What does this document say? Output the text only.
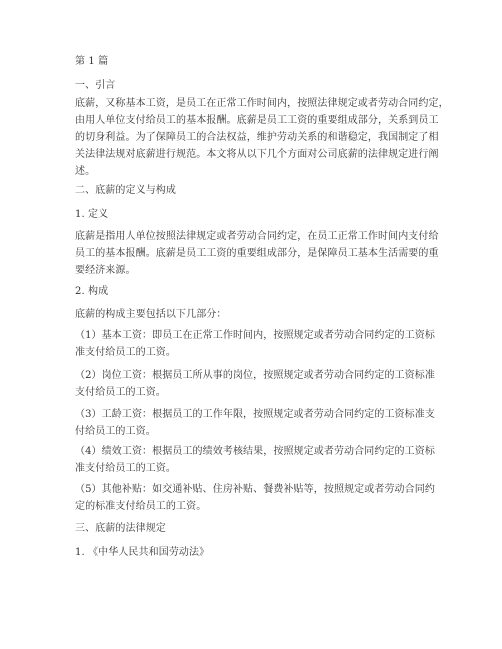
第 1 篇
一、引言
底薪，又称基本工资，是员工在正常工作时间内，按照法律规定或者劳动合同约定，
由用人单位支付给员工的基本报酬。底薪是员工工资的重要组成部分，关系到员工
的切身利益。为了保障员工的合法权益，维护劳动关系的和谐稳定，我国制定了相
关法律法规对底薪进行规范。本文将从以下几个方面对公司底薪的法律规定进行阐
述。
二、底薪的定义与构成
1. 定义
底薪是指用人单位按照法律规定或者劳动合同约定，在员工正常工作时间内支付给
员工的基本报酬。底薪是员工工资的重要组成部分，是保障员工基本生活需要的重
要经济来源。
2. 构成
底薪的构成主要包括以下几部分：
（1）基本工资：即员工在正常工作时间内，按照规定或者劳动合同约定的工资标
准支付给员工的工资。
（2）岗位工资：根据员工所从事的岗位，按照规定或者劳动合同约定的工资标准
支付给员工的工资。
（3）工龄工资：根据员工的工作年限，按照规定或者劳动合同约定的工资标准支
付给员工的工资。
（4）绩效工资：根据员工的绩效考核结果，按照规定或者劳动合同约定的工资标
准支付给员工的工资。
（5）其他补贴：如交通补贴、住房补贴、餐费补贴等，按照规定或者劳动合同约
定的标准支付给员工的工资。
三、底薪的法律规定
1. 《中华人民共和国劳动法》
